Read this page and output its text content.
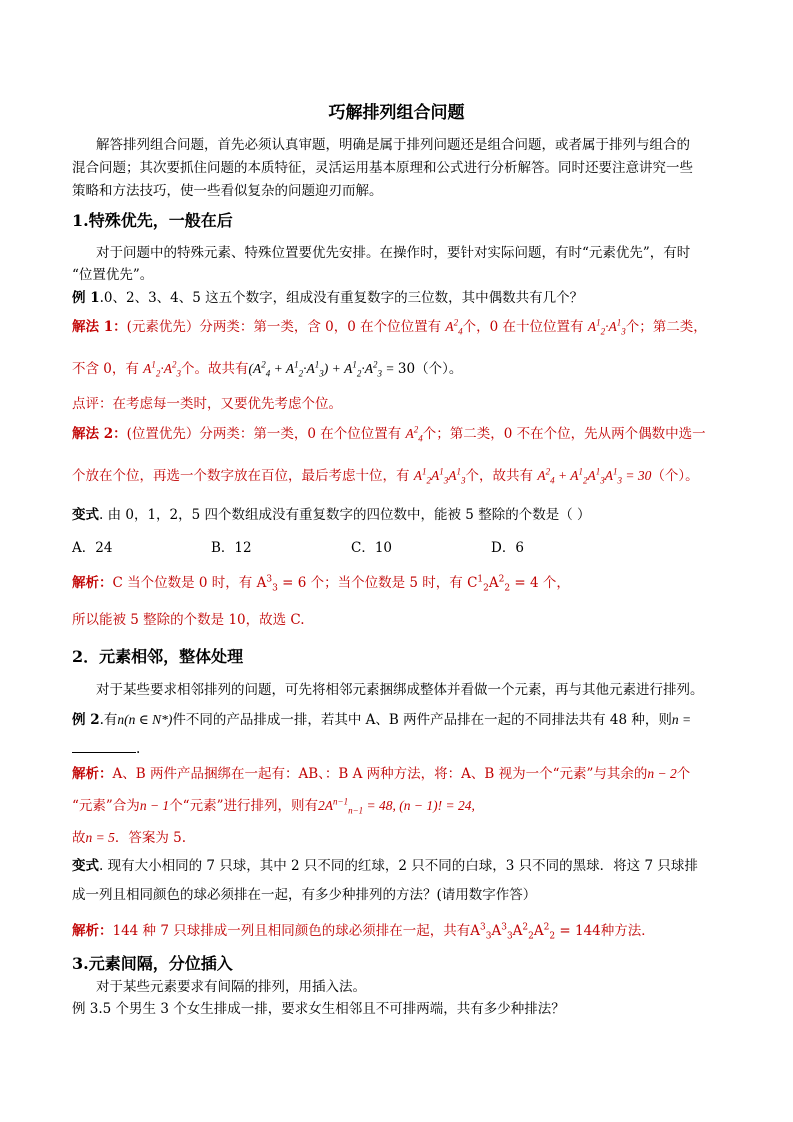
巧解排列组合问题
解答排列组合问题，首先必须认真审题，明确是属于排列问题还是组合问题，或者属于排列与组合的
混合问题；其次要抓住问题的本质特征，灵活运用基本原理和公式进行分析解答。同时还要注意讲究一些
策略和方法技巧，使一些看似复杂的问题迎刃而解。
1.特殊优先，一般在后
对于问题中的特殊元素、特殊位置要优先安排。在操作时，要针对实际问题，有时“元素优先”，有时
“位置优先”。
例 1.0、2、3、4、5 这五个数字，组成没有重复数字的三位数，其中偶数共有几个？
解法 1：(元素优先）分两类：第一类，含 0，0 在个位位置有 $A^2_4$个，0 在十位位置有 $A^1_2\cdot A^1_3$个；第二类，
不含 0，有 $A^1_2\cdot A^2_3$个。故共有$(A^2_4 + A^1_2\cdot A^1_3) + A^1_2\cdot A^2_3 = 30$（个）。
点评：在考虑每一类时，又要优先考虑个位。
解法 2：(位置优先）分两类：第一类，0 在个位位置有 $A^2_4$个；第二类，0 不在个位，先从两个偶数中选一
个放在个位，再选一个数字放在百位，最后考虑十位，有 $A^1_2A^1_3A^1_3$个，故共有 $A^2_4 + A^1_2A^1_3A^1_3 = 30$（个）。
变式. 由 0，1，2，5 四个数组成没有重复数字的四位数中，能被 5 整除的个数是（ ）
A．24	B．12	C．10	D．6
解析：C 当个位数是 0 时，有 $A^3_3 = 6$ 个；当个位数是 5 时，有 $C^1_2A^2_2 = 4$ 个，
所以能被 5 整除的个数是 10，故选 C.
2．元素相邻，整体处理
对于某些要求相邻排列的问题，可先将相邻元素捆绑成整体并看做一个元素，再与其他元素进行排列。
例 2.有n(n ∈ N*)件不同的产品排成一排，若其中 A、B 两件产品排在一起的不同排法共有 48 种，则n =
.
解析：A、B 两件产品捆绑在一起有：AB、：B A 两种方法，将：A、B 视为一个“元素”与其余的n − 2个
“元素”合为n − 1个“元素”进行排列，则有$2A^{n-1}_{n-1} = 48$, (n − 1)! = 24,
故n = 5．答案为 5.
变式. 现有大小相同的 7 只球，其中 2 只不同的红球，2 只不同的白球，3 只不同的黑球．将这 7 只球排
成一列且相同颜色的球必须排在一起，有多少种排列的方法？(请用数字作答）
解析：144 种 7 只球排成一列且相同颜色的球必须排在一起，共有$A^3_3A^3_3A^2_2A^2_2 = 144$种方法．
3.元素间隔，分位插入
对于某些元素要求有间隔的排列，用插入法。
例 3.5 个男生 3 个女生排成一排，要求女生相邻且不可排两端，共有多少种排法？
